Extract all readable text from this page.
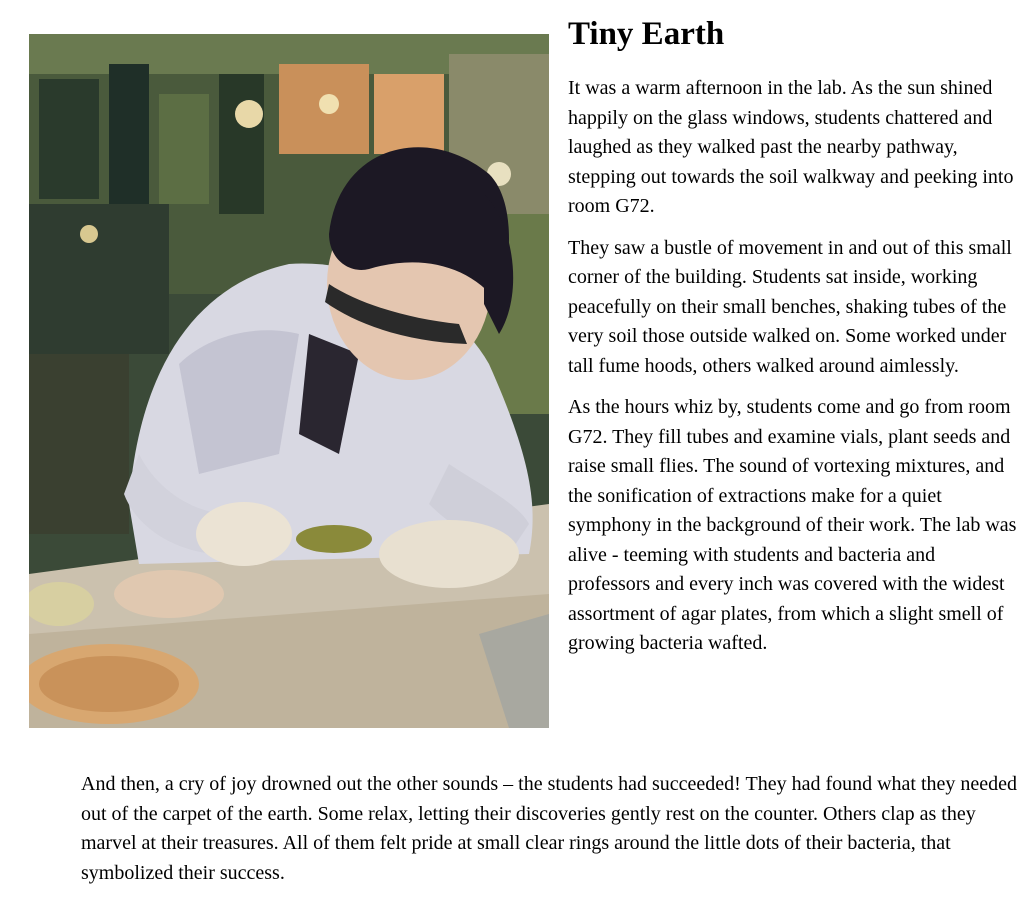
Tiny Earth

It was a warm afternoon in the lab. As the sun shined happily on the glass windows, students chattered and laughed as they walked past the nearby pathway, stepping out towards the soil walkway and peeking into room G72.

They saw a bustle of movement in and out of this small corner of the building. Students sat inside, working peacefully on their small benches, shaking tubes of the very soil those outside walked on. Some worked under tall fume hoods, others walked around aimlessly.

As the hours whiz by, students come and go from room G72. They fill tubes and examine vials, plant seeds and raise small flies. The sound of vortexing mixtures, and the sonification of extractions make for a quiet symphony in the background of their work. The lab was alive - teeming with students and bacteria and professors and every inch was covered with the widest assortment of agar plates, from which a slight smell of growing bacteria wafted.

And then, a cry of joy drowned out the other sounds – the students had succeeded! They had found what they needed out of the carpet of the earth. Some relax, letting their discoveries gently rest on the counter. Others clap as they marvel at their treasures. All of them felt pride at small clear rings around the little dots of their bacteria, that symbolized their success.
